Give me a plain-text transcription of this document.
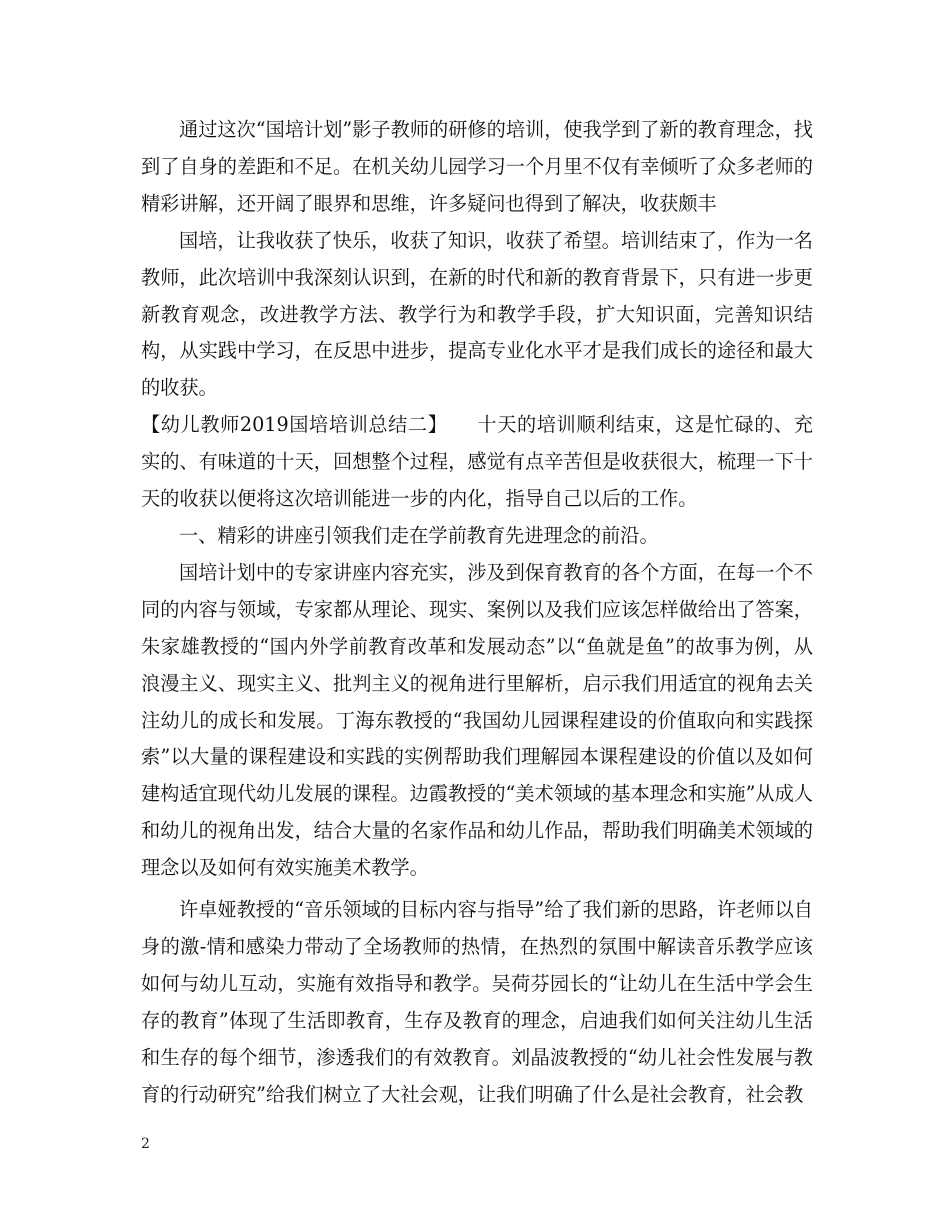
通过这次“国培计划”影子教师的研修的培训，使我学到了新的教育理念，找到了自身的差距和不足。在机关幼儿园学习一个月里不仅有幸倾听了众多老师的精彩讲解，还开阔了眼界和思维，许多疑问也得到了解决，收获颇丰

国培，让我收获了快乐，收获了知识，收获了希望。培训结束了，作为一名教师，此次培训中我深刻认识到，在新的时代和新的教育背景下，只有进一步更新教育观念，改进教学方法、教学行为和教学手段，扩大知识面，完善知识结构，从实践中学习，在反思中进步，提高专业化水平才是我们成长的途径和最大的收获。

【幼儿教师2019国培培训总结二】　　十天的培训顺利结束，这是忙碌的、充实的、有味道的十天，回想整个过程，感觉有点辛苦但是收获很大，梳理一下十天的收获以便将这次培训能进一步的内化，指导自己以后的工作。

一、精彩的讲座引领我们走在学前教育先进理念的前沿。

国培计划中的专家讲座内容充实，涉及到保育教育的各个方面，在每一个不同的内容与领域，专家都从理论、现实、案例以及我们应该怎样做给出了答案，朱家雄教授的“国内外学前教育改革和发展动态”以“鱼就是鱼”的故事为例，从浪漫主义、现实主义、批判主义的视角进行里解析，启示我们用适宜的视角去关注幼儿的成长和发展。丁海东教授的“我国幼儿园课程建设的价值取向和实践探索”以大量的课程建设和实践的实例帮助我们理解园本课程建设的价值以及如何建构适宜现代幼儿发展的课程。边霞教授的“美术领域的基本理念和实施”从成人和幼儿的视角出发，结合大量的名家作品和幼儿作品，帮助我们明确美术领域的理念以及如何有效实施美术教学。

许卓娅教授的“音乐领域的目标内容与指导”给了我们新的思路，许老师以自身的激-情和感染力带动了全场教师的热情，在热烈的氛围中解读音乐教学应该如何与幼儿互动，实施有效指导和教学。吴荷芬园长的“让幼儿在生活中学会生存的教育”体现了生活即教育，生存及教育的理念，启迪我们如何关注幼儿生活和生存的每个细节，渗透我们的有效教育。刘晶波教授的“幼儿社会性发展与教育的行动研究”给我们树立了大社会观，让我们明确了什么是社会教育，社会教

2
